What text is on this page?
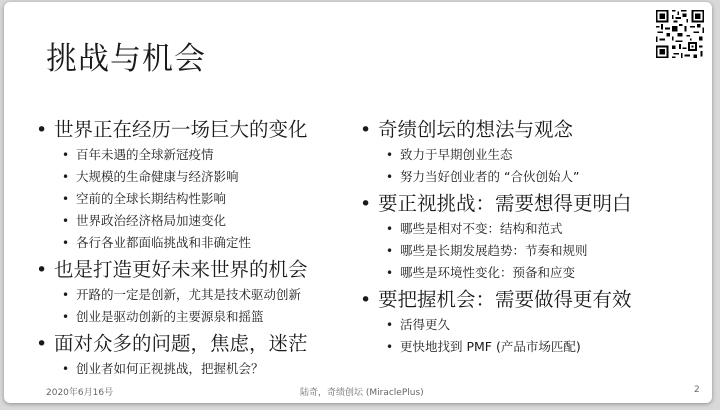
挑战与机会
• 世界正在经历一场巨大的变化
• 百年未遇的全球新冠疫情
• 大规模的生命健康与经济影响
• 空前的全球长期结构性影响
• 世界政治经济格局加速变化
• 各行各业都面临挑战和非确定性
• 也是打造更好未来世界的机会
• 开路的一定是创新，尤其是技术驱动创新
• 创业是驱动创新的主要源泉和摇篮
• 面对众多的问题，焦虑，迷茫
• 创业者如何正视挑战，把握机会？
• 奇绩创坛的想法与观念
• 致力于早期创业生态
• 努力当好创业者的 “合伙创始人”
• 要正视挑战：需要想得更明白
• 哪些是相对不变：结构和范式
• 哪些是长期发展趋势：节奏和规则
• 哪些是环境性变化：预备和应变
• 要把握机会：需要做得更有效
• 活得更久
• 更快地找到 PMF (产品市场匹配)
2020年6月16号	陆奇，奇绩创坛 (MiraclePlus)	2
